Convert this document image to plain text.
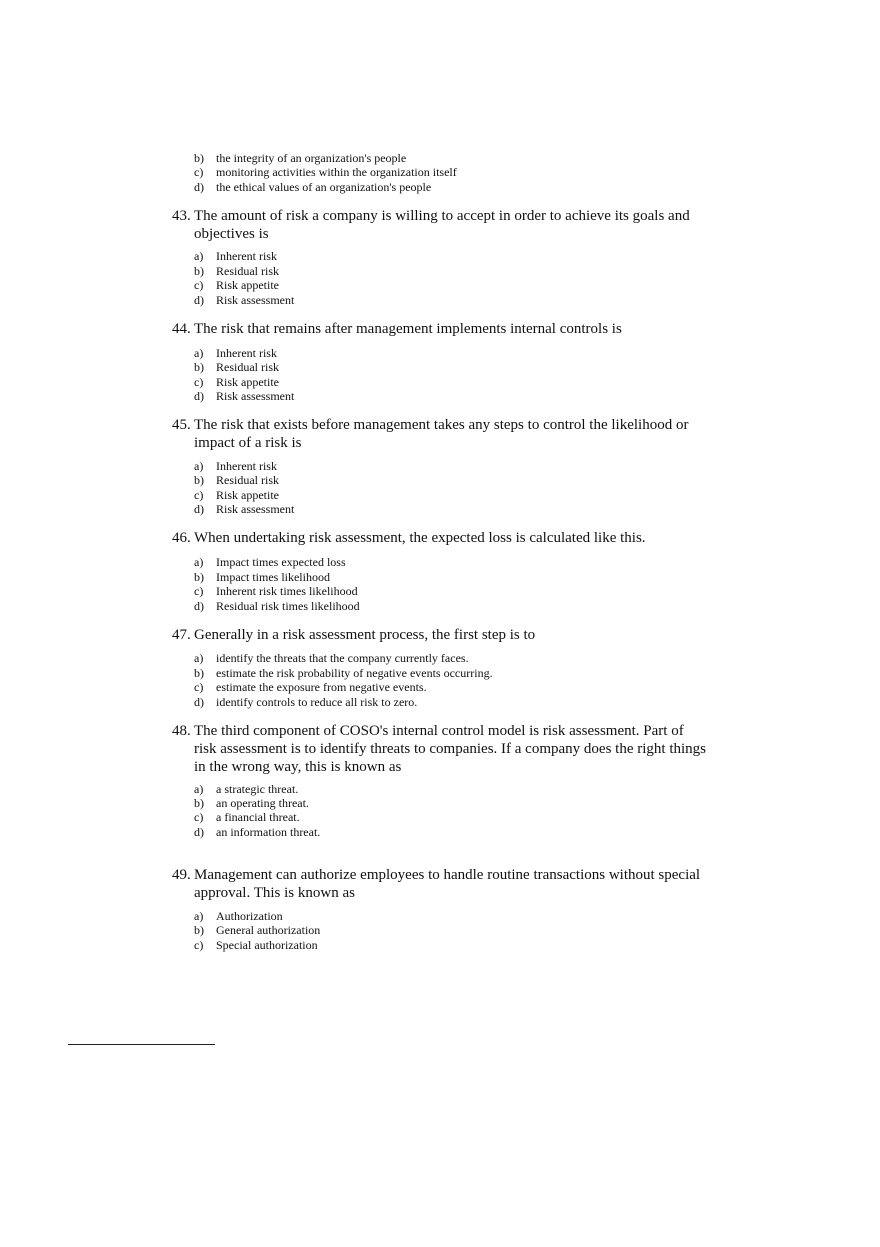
b) the integrity of an organization's people
c) monitoring activities within the organization itself
d) the ethical values of an organization's people
43. The amount of risk a company is willing to accept in order to achieve its goals and
objectives is
a) Inherent risk
b) Residual risk
c) Risk appetite
d) Risk assessment
44. The risk that remains after management implements internal controls is
a) Inherent risk
b) Residual risk
c) Risk appetite
d) Risk assessment
45. The risk that exists before management takes any steps to control the likelihood or
impact of a risk is
a) Inherent risk
b) Residual risk
c) Risk appetite
d) Risk assessment
46. When undertaking risk assessment, the expected loss is calculated like this.
a) Impact times expected loss
b) Impact times likelihood
c) Inherent risk times likelihood
d) Residual risk times likelihood
47. Generally in a risk assessment process, the first step is to
a) identify the threats that the company currently faces.
b) estimate the risk probability of negative events occurring.
c) estimate the exposure from negative events.
d) identify controls to reduce all risk to zero.
48. The third component of COSO's internal control model is risk assessment. Part of
risk assessment is to identify threats to companies. If a company does the right things
in the wrong way, this is known as
a) a strategic threat.
b) an operating threat.
c) a financial threat.
d) an information threat.
49. Management can authorize employees to handle routine transactions without special
approval. This is known as
a) Authorization
b) General authorization
c) Special authorization
